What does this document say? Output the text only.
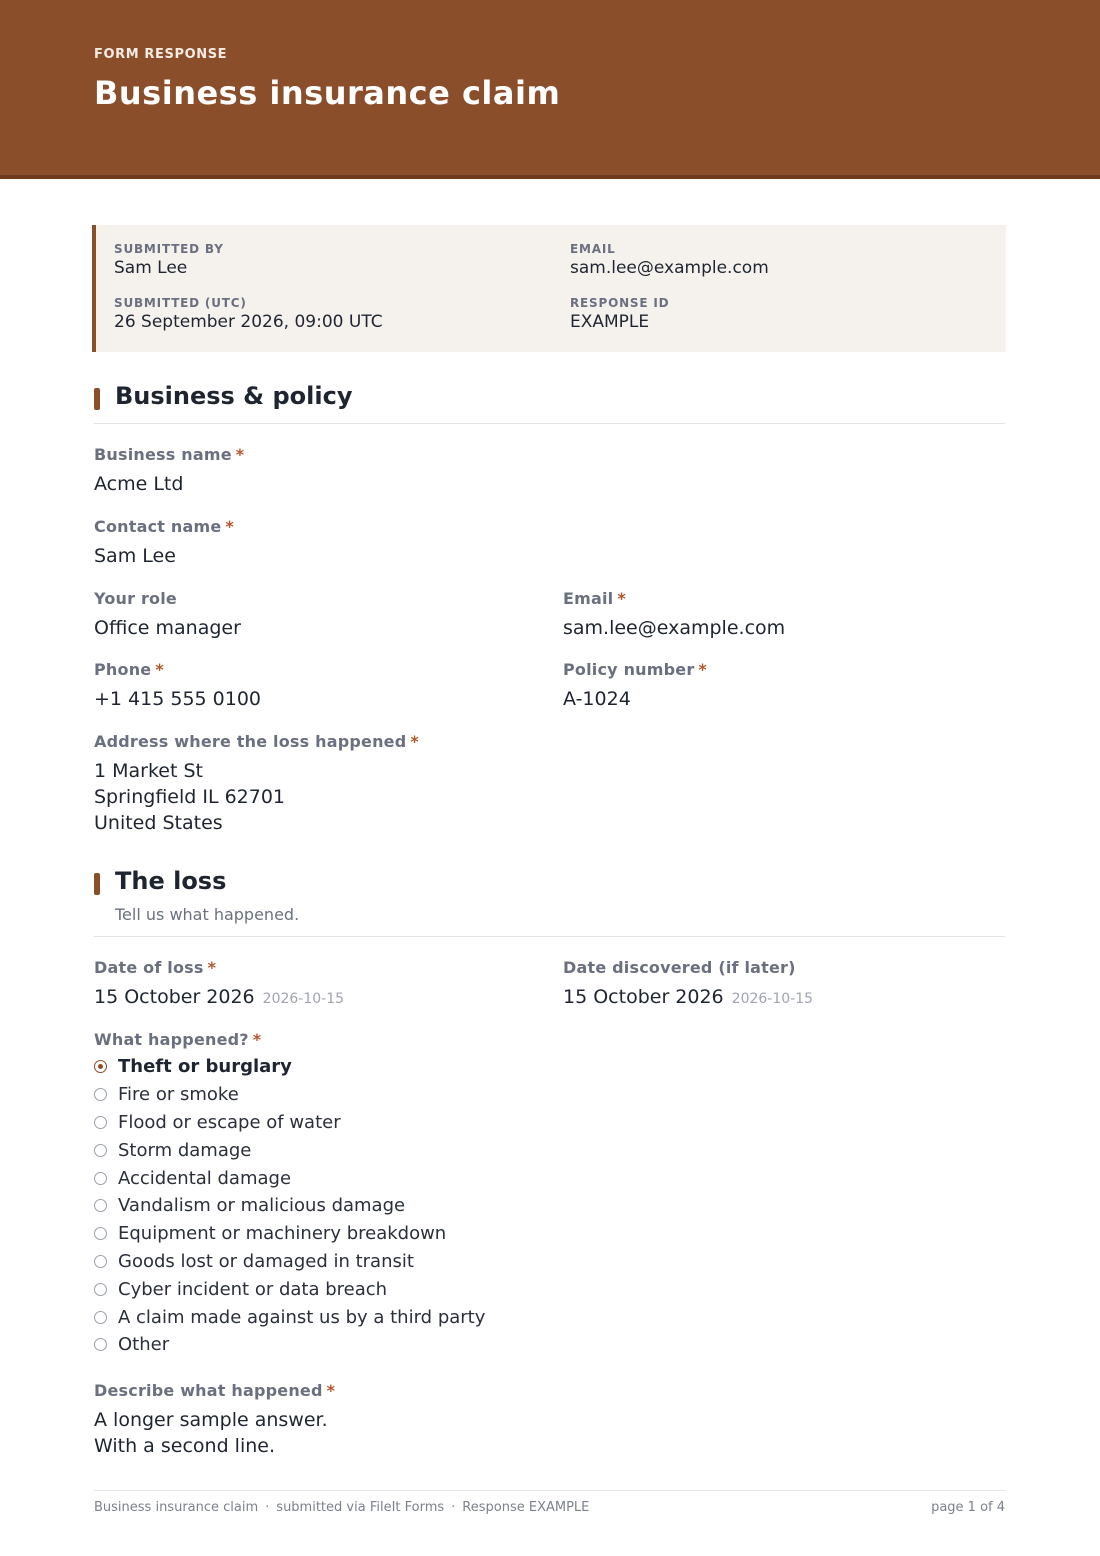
FORM RESPONSE
Business insurance claim
SUBMITTED BY
Sam Lee
EMAIL
sam.lee@example.com
SUBMITTED (UTC)
26 September 2026, 09:00 UTC
RESPONSE ID
EXAMPLE
Business & policy
Business name *
Acme Ltd
Contact name *
Sam Lee
Your role
Office manager
Email *
sam.lee@example.com
Phone *
+1 415 555 0100
Policy number *
A-1024
Address where the loss happened *
1 Market St
Springfield IL 62701
United States
The loss
Tell us what happened.
Date of loss *
15 October 2026 2026-10-15
Date discovered (if later)
15 October 2026 2026-10-15
What happened? *
Theft or burglary
Fire or smoke
Flood or escape of water
Storm damage
Accidental damage
Vandalism or malicious damage
Equipment or machinery breakdown
Goods lost or damaged in transit
Cyber incident or data breach
A claim made against us by a third party
Other
Describe what happened *
A longer sample answer.
With a second line.
Business insurance claim · submitted via FileIt Forms · Response EXAMPLE	page 1 of 4
